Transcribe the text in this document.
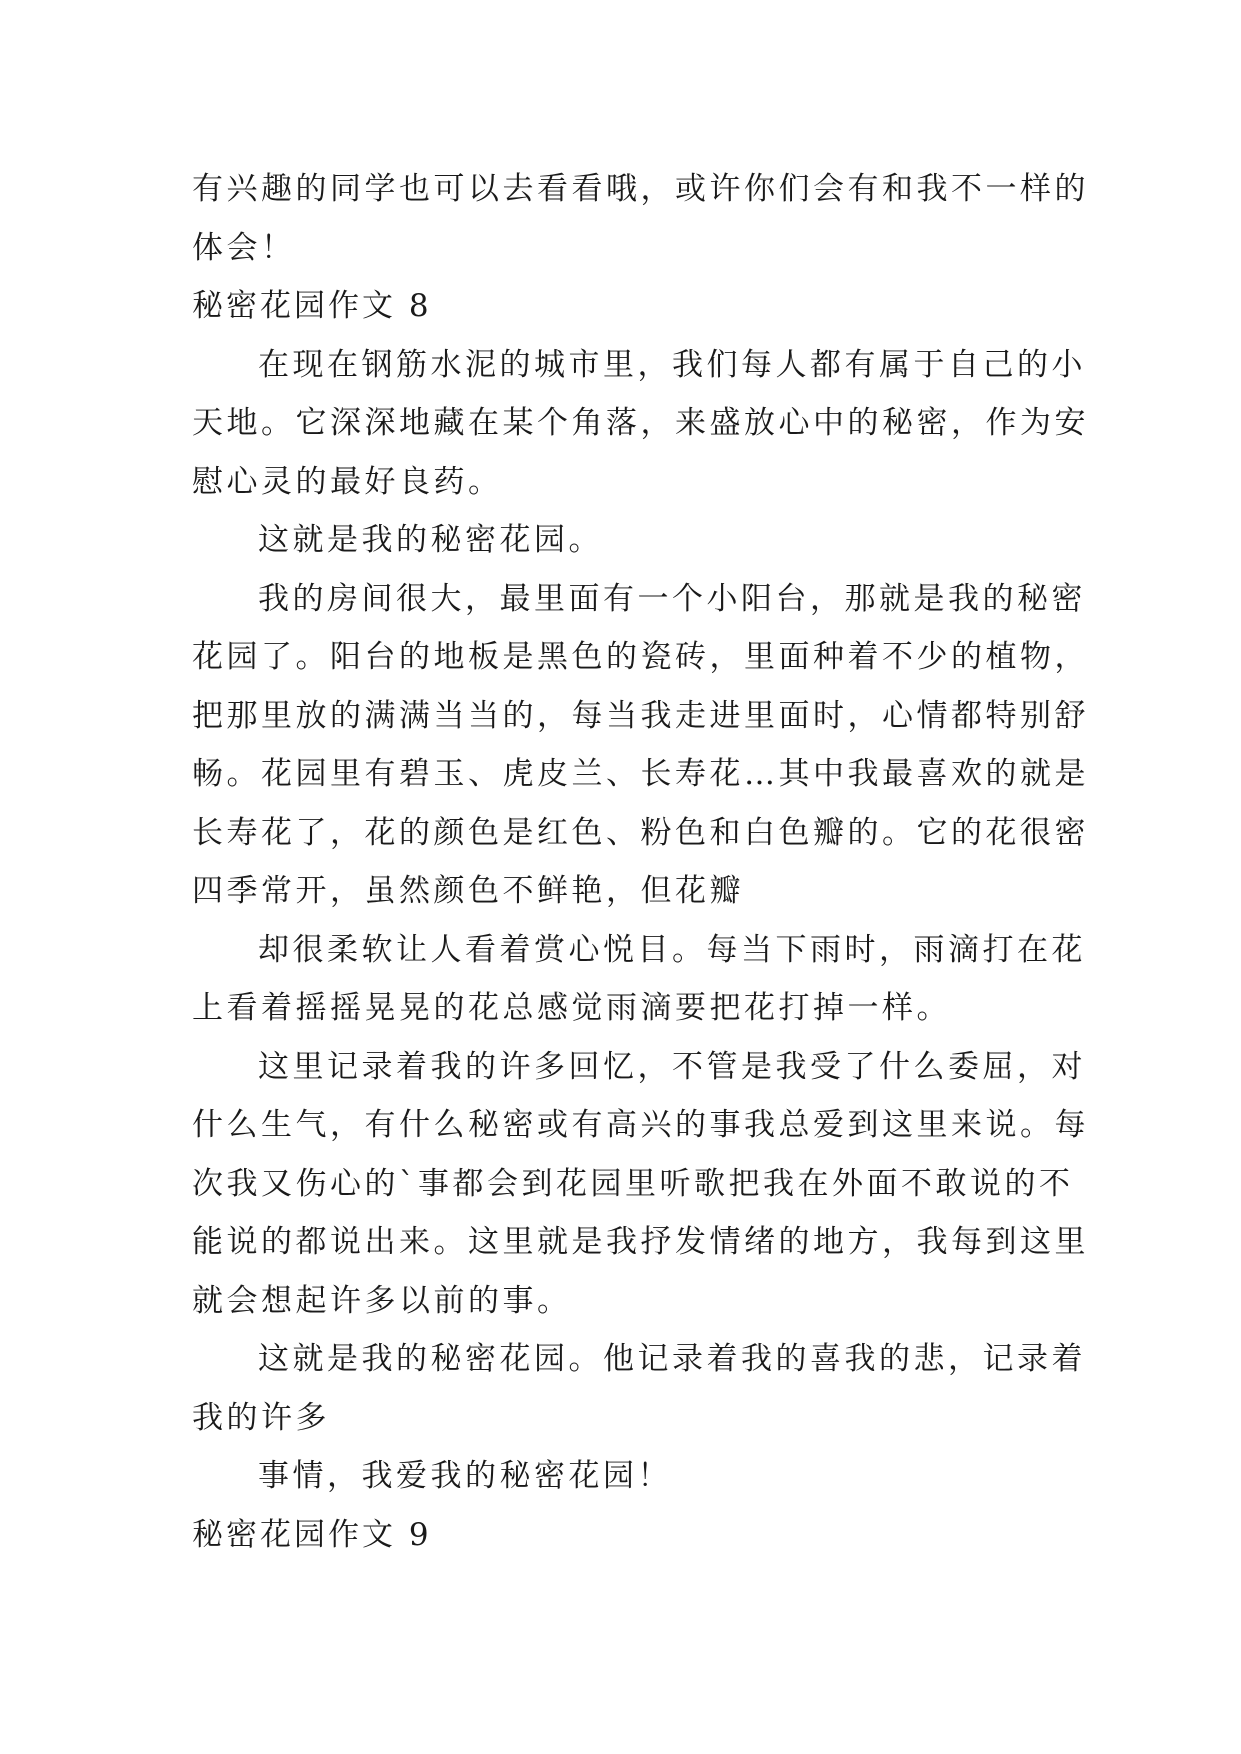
有兴趣的同学也可以去看看哦，或许你们会有和我不一样的
体会！
秘密花园作文 8
在现在钢筋水泥的城市里，我们每人都有属于自己的小
天地。它深深地藏在某个角落，来盛放心中的秘密，作为安
慰心灵的最好良药。
这就是我的秘密花园。
我的房间很大，最里面有一个小阳台，那就是我的秘密
花园了。阳台的地板是黑色的瓷砖，里面种着不少的植物，
把那里放的满满当当的，每当我走进里面时，心情都特别舒
畅。花园里有碧玉、虎皮兰、长寿花…其中我最喜欢的就是
长寿花了，花的颜色是红色、粉色和白色瓣的。它的花很密
四季常开，虽然颜色不鲜艳，但花瓣
却很柔软让人看着赏心悦目。每当下雨时，雨滴打在花
上看着摇摇晃晃的花总感觉雨滴要把花打掉一样。
这里记录着我的许多回忆，不管是我受了什么委屈，对
什么生气，有什么秘密或有高兴的事我总爱到这里来说。每
次我又伤心的`事都会到花园里听歌把我在外面不敢说的不
能说的都说出来。这里就是我抒发情绪的地方，我每到这里
就会想起许多以前的事。
这就是我的秘密花园。他记录着我的喜我的悲，记录着
我的许多
事情，我爱我的秘密花园！
秘密花园作文 9
